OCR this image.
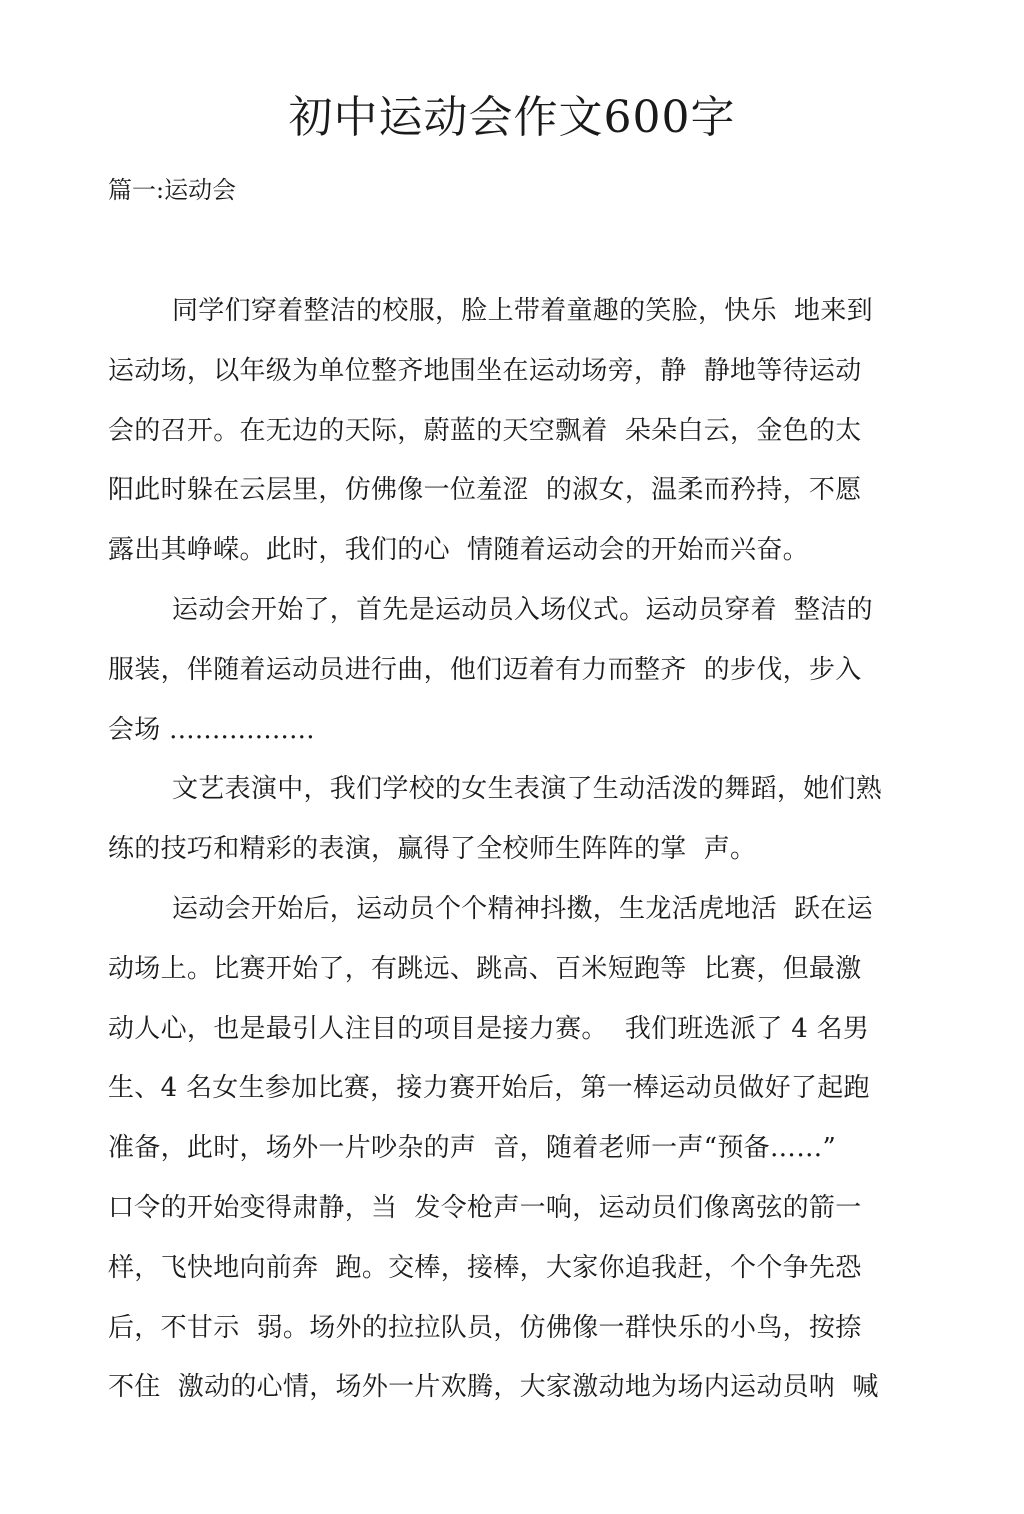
初中运动会作文600字
篇一:运动会
同学们穿着整洁的校服，脸上带着童趣的笑脸，快乐  地来到
运动场，以年级为单位整齐地围坐在运动场旁，静  静地等待运动
会的召开。在无边的天际，蔚蓝的天空飘着  朵朵白云，金色的太
阳此时躲在云层里，仿佛像一位羞涩  的淑女，温柔而矜持，不愿
露出其峥嵘。此时，我们的心  情随着运动会的开始而兴奋。
运动会开始了，首先是运动员入场仪式。运动员穿着  整洁的
服装，伴随着运动员进行曲，他们迈着有力而整齐  的步伐，步入
会场 .................
文艺表演中，我们学校的女生表演了生动活泼的舞蹈，她们熟
练的技巧和精彩的表演，赢得了全校师生阵阵的掌  声。
运动会开始后，运动员个个精神抖擞，生龙活虎地活  跃在运
动场上。比赛开始了，有跳远、跳高、百米短跑等  比赛，但最激
动人心，也是最引人注目的项目是接力赛。  我们班选派了 4 名男
生、4 名女生参加比赛，接力赛开始后，第一棒运动员做好了起跑
准备，此时，场外一片吵杂的声  音，随着老师一声“预备……”
口令的开始变得肃静，当  发令枪声一响，运动员们像离弦的箭一
样，飞快地向前奔  跑。交棒，接棒，大家你追我赶，个个争先恐
后，不甘示  弱。场外的拉拉队员，仿佛像一群快乐的小鸟，按捺
不住  激动的心情，场外一片欢腾，大家激动地为场内运动员呐  喊
